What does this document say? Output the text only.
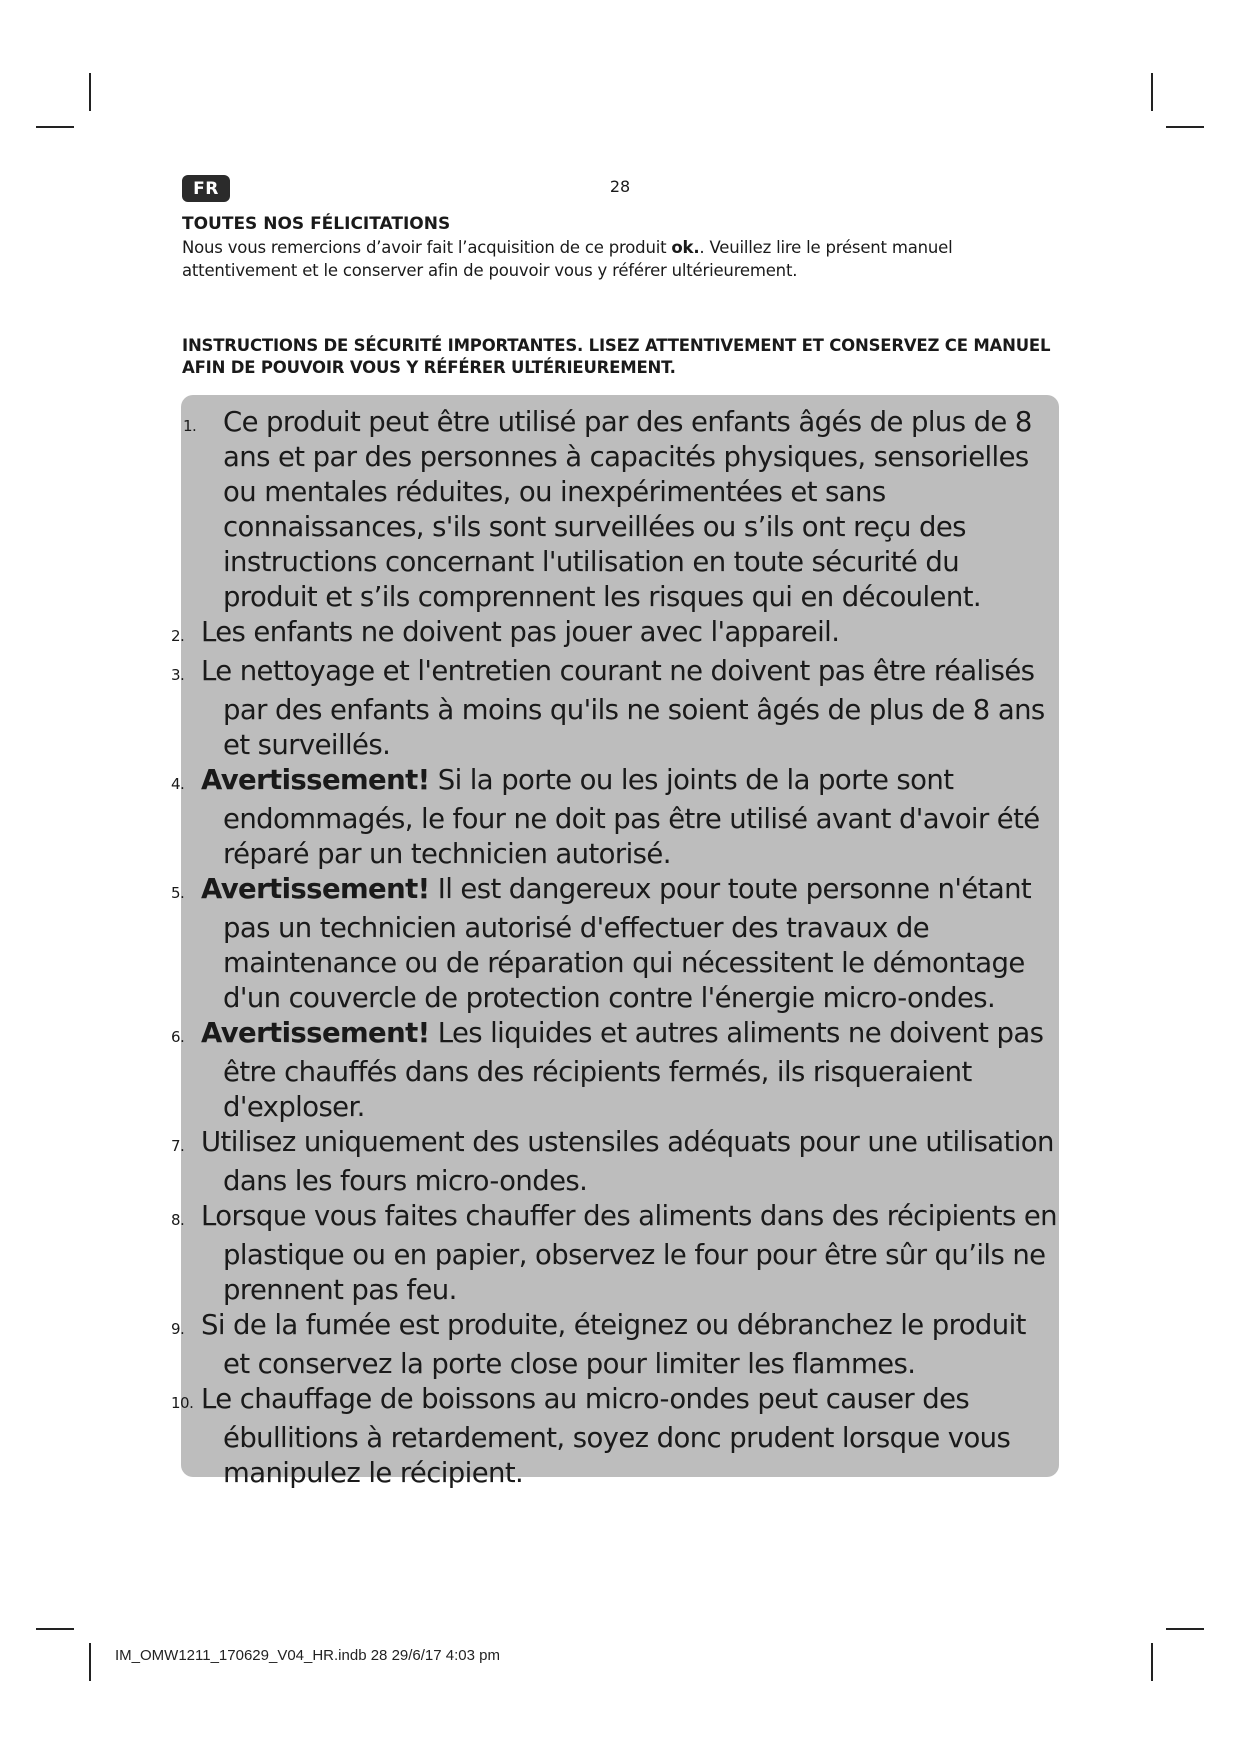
FR	28

TOUTES NOS FÉLICITATIONS

Nous vous remercions d’avoir fait l’acquisition de ce produit ok.. Veuillez lire le présent manuel attentivement et le conserver afin de pouvoir vous y référer ultérieurement.

INSTRUCTIONS DE SÉCURITÉ IMPORTANTES. LISEZ ATTENTIVEMENT ET CONSERVEZ CE MANUEL AFIN DE POUVOIR VOUS Y RÉFÉRER ULTÉRIEUREMENT.
1. Ce produit peut être utilisé par des enfants âgés de plus de 8 ans et par des personnes à capacités physiques, sensorielles ou mentales réduites, ou inexpérimentées et sans connaissances, s'ils sont surveillées ou s’ils ont reçu des instructions concernant l'utilisation en toute sécurité du produit et s’ils comprennent les risques qui en découlent.
2. Les enfants ne doivent pas jouer avec l'appareil.
3. Le nettoyage et l'entretien courant ne doivent pas être réalisés par des enfants à moins qu'ils ne soient âgés de plus de 8 ans et surveillés.
4. Avertissement! Si la porte ou les joints de la porte sont endommagés, le four ne doit pas être utilisé avant d'avoir été réparé par un technicien autorisé.
5. Avertissement! Il est dangereux pour toute personne n'étant pas un technicien autorisé d'effectuer des travaux de maintenance ou de réparation qui nécessitent le démontage d'un couvercle de protection contre l'énergie micro-ondes.
6. Avertissement! Les liquides et autres aliments ne doivent pas être chauffés dans des récipients fermés, ils risqueraient d'exploser.
7. Utilisez uniquement des ustensiles adéquats pour une utilisation dans les fours micro-ondes.
8. Lorsque vous faites chauffer des aliments dans des récipients en plastique ou en papier, observez le four pour être sûr qu’ils ne prennent pas feu.
9. Si de la fumée est produite, éteignez ou débranchez le produit et conservez la porte close pour limiter les flammes.
10. Le chauffage de boissons au micro-ondes peut causer des ébullitions à retardement, soyez donc prudent lorsque vous manipulez le récipient.
IM_OMW1211_170629_V04_HR.indb 28 29/6/17 4:03 pm
